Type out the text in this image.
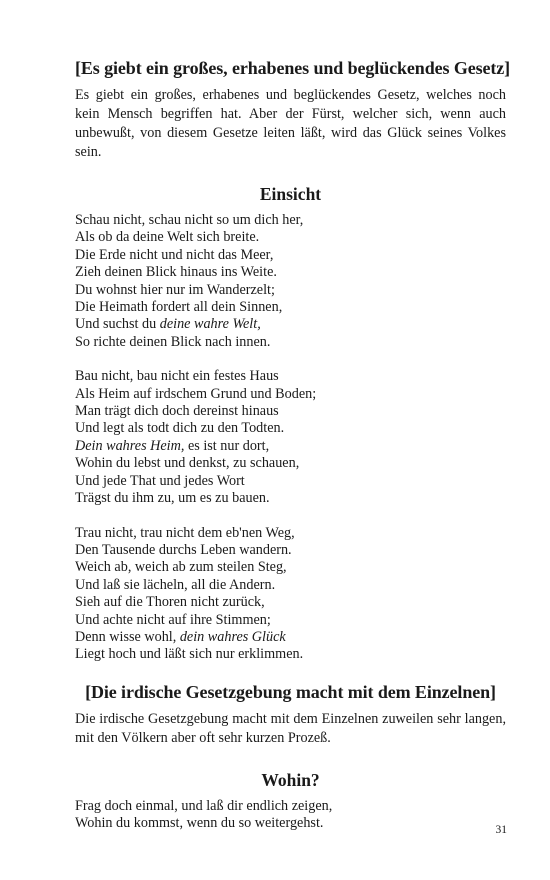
[Es giebt ein großes, erhabenes und beglückendes Gesetz]

Es giebt ein großes, erhabenes und beglückendes Gesetz, welches noch kein Mensch begriffen hat. Aber der Fürst, welcher sich, wenn auch unbewußt, von diesem Gesetze leiten läßt, wird das Glück seines Volkes sein.

Einsicht
Schau nicht, schau nicht so um dich her,
Als ob da deine Welt sich breite.
Die Erde nicht und nicht das Meer,
Zieh deinen Blick hinaus ins Weite.
Du wohnst hier nur im Wanderzelt;
Die Heimath fordert all dein Sinnen,
Und suchst du deine wahre Welt,
So richte deinen Blick nach innen.
Bau nicht, bau nicht ein festes Haus
Als Heim auf irdschem Grund und Boden;
Man trägt dich doch dereinst hinaus
Und legt als todt dich zu den Todten.
Dein wahres Heim, es ist nur dort,
Wohin du lebst und denkst, zu schauen,
Und jede That und jedes Wort
Trägst du ihm zu, um es zu bauen.
Trau nicht, trau nicht dem eb'nen Weg,
Den Tausende durchs Leben wandern.
Weich ab, weich ab zum steilen Steg,
Und laß sie lächeln, all die Andern.
Sieh auf die Thoren nicht zurück,
Und achte nicht auf ihre Stimmen;
Denn wisse wohl, dein wahres Glück
Liegt hoch und läßt sich nur erklimmen.
[Die irdische Gesetzgebung macht mit dem Einzelnen]

Die irdische Gesetzgebung macht mit dem Einzelnen zuweilen sehr langen, mit den Völkern aber oft sehr kurzen Prozeß.

Wohin?
Frag doch einmal, und laß dir endlich zeigen,
Wohin du kommst, wenn du so weitergehst.	31
